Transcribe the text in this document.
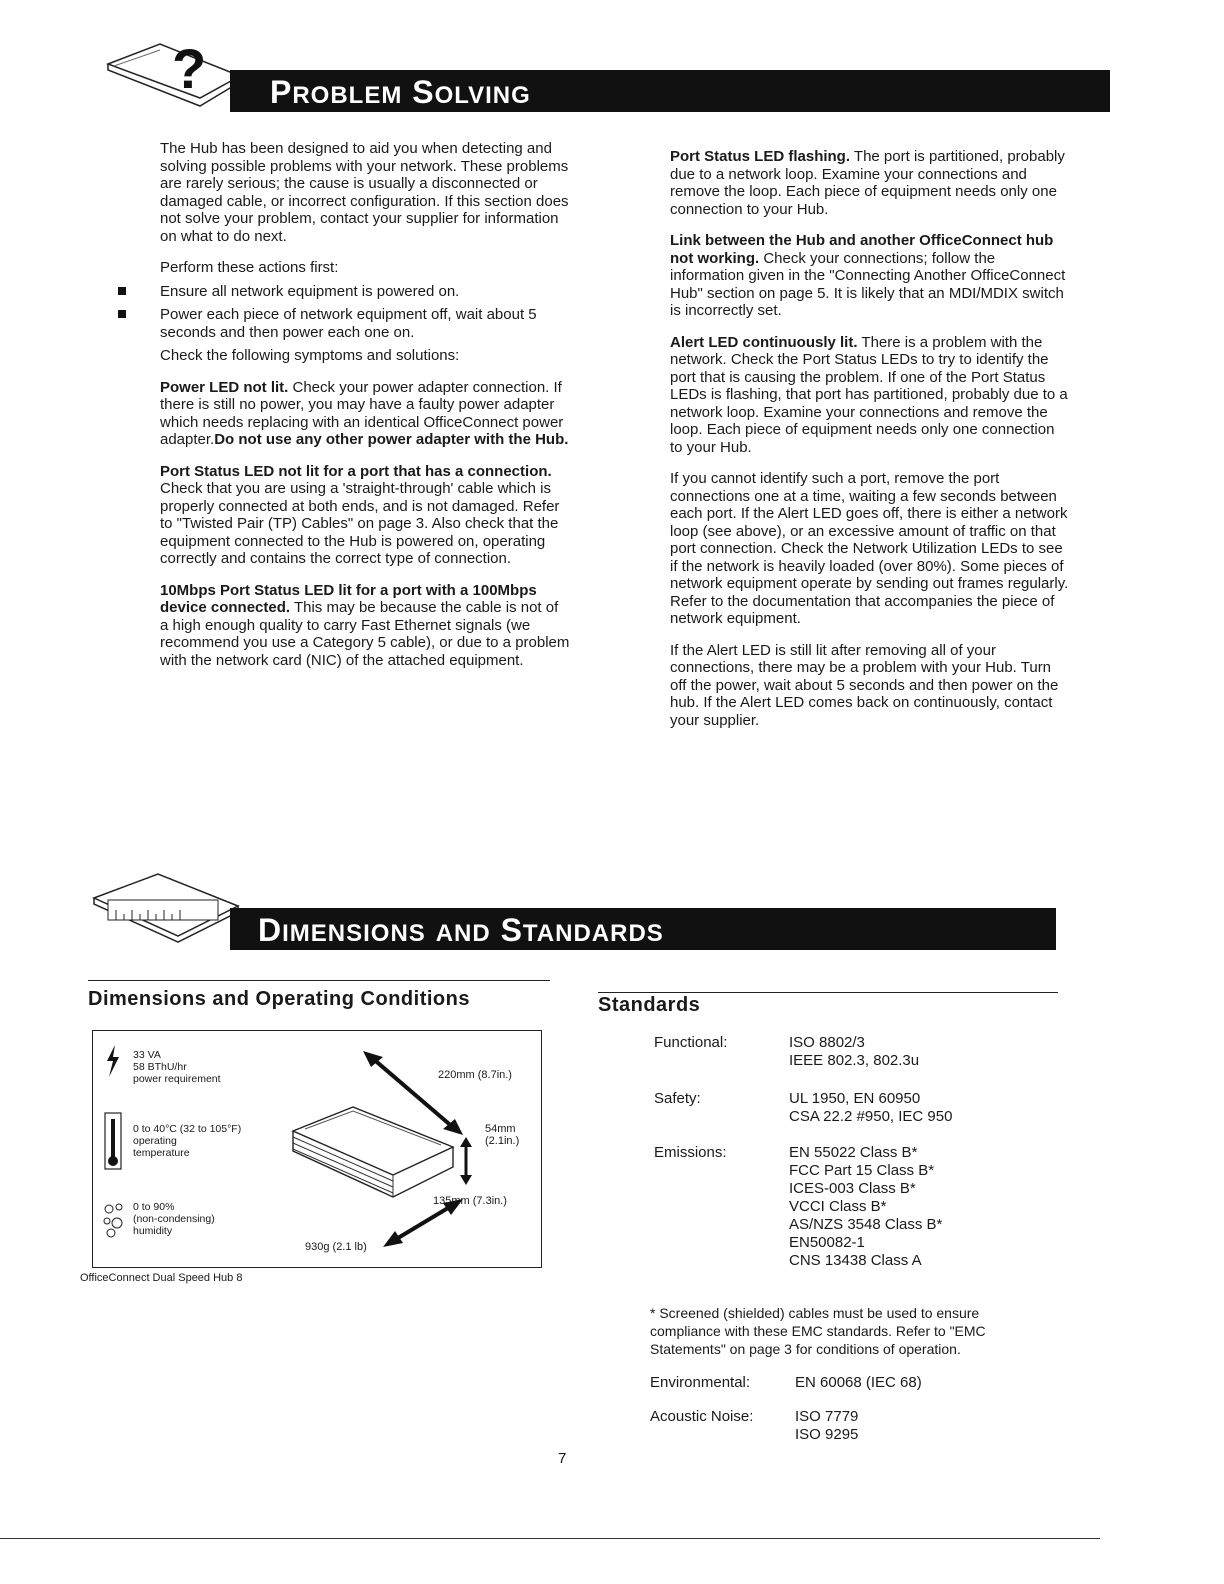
? PROBLEM SOLVING

The Hub has been designed to aid you when detecting and solving possible problems with your network. These problems are rarely serious; the cause is usually a disconnected or damaged cable, or incorrect configuration. If this section does not solve your problem, contact your supplier for information on what to do next.

Perform these actions first:

Ensure all network equipment is powered on.

Power each piece of network equipment off, wait about 5 seconds and then power each one on.

Check the following symptoms and solutions:

Power LED not lit. Check your power adapter connection. If there is still no power, you may have a faulty power adapter which needs replacing with an identical OfficeConnect power adapter.Do not use any other power adapter with the Hub.

Port Status LED not lit for a port that has a connection. Check that you are using a 'straight-through' cable which is properly connected at both ends, and is not damaged. Refer to "Twisted Pair (TP) Cables" on page 3. Also check that the equipment connected to the Hub is powered on, operating correctly and contains the correct type of connection.

10Mbps Port Status LED lit for a port with a 100Mbps device connected. This may be because the cable is not of a high enough quality to carry Fast Ethernet signals (we recommend you use a Category 5 cable), or due to a problem with the network card (NIC) of the attached equipment.

Port Status LED flashing. The port is partitioned, probably due to a network loop. Examine your connections and remove the loop. Each piece of equipment needs only one connection to your Hub.

Link between the Hub and another OfficeConnect hub not working. Check your connections; follow the information given in the "Connecting Another OfficeConnect Hub" section on page 5. It is likely that an MDI/MDIX switch is incorrectly set.

Alert LED continuously lit. There is a problem with the network. Check the Port Status LEDs to try to identify the port that is causing the problem. If one of the Port Status LEDs is flashing, that port has partitioned, probably due to a network loop. Examine your connections and remove the loop. Each piece of equipment needs only one connection to your Hub.

If you cannot identify such a port, remove the port connections one at a time, waiting a few seconds between each port. If the Alert LED goes off, there is either a network loop (see above), or an excessive amount of traffic on that port connection. Check the Network Utilization LEDs to see if the network is heavily loaded (over 80%). Some pieces of network equipment operate by sending out frames regularly. Refer to the documentation that accompanies the piece of network equipment.

If the Alert LED is still lit after removing all of your connections, there may be a problem with your Hub. Turn off the power, wait about 5 seconds and then power on the hub. If the Alert LED comes back on continuously, contact your supplier.

DIMENSIONS AND STANDARDS
Dimensions and Operating Conditions
33 VA
58 BThU/hr
power requirement
0 to 40°C (32 to 105°F)
operating
temperature
0 to 90%
(non-condensing)
humidity
220mm (8.7in.)
54mm
(2.1in.)
135mm (7.3in.)
930g (2.1 lb)
OfficeConnect Dual Speed Hub 8
Standards
Functional:	ISO 8802/3
IEEE 802.3, 802.3u
Safety:	UL 1950, EN 60950
CSA 22.2 #950, IEC 950
Emissions:	EN 55022 Class B*
FCC Part 15 Class B*
ICES-003 Class B*
VCCI Class B*
AS/NZS 3548 Class B*
EN50082-1
CNS 13438 Class A
* Screened (shielded) cables must be used to ensure compliance with these EMC standards. Refer to "EMC Statements" on page 3 for conditions of operation.
Environmental:	EN 60068 (IEC 68)
Acoustic Noise:	ISO 7779
ISO 9295
7
